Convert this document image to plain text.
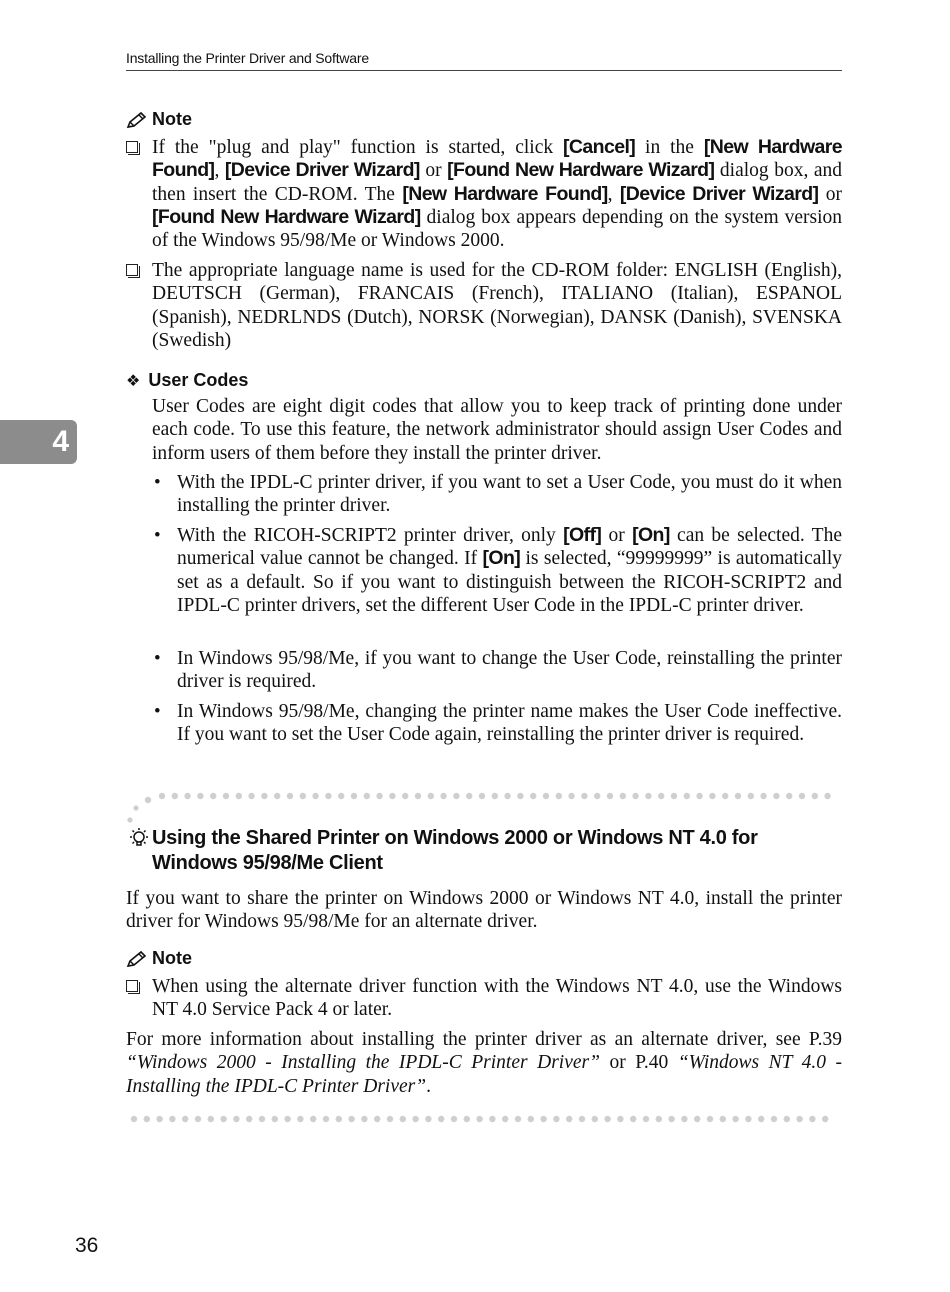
Installing the Printer Driver and Software
4
Note
If the "plug and play" function is started, click [Cancel] in the [New Hardware Found], [Device Driver Wizard] or [Found New Hardware Wizard] dialog box, and then insert the CD-ROM. The [New Hardware Found], [Device Driver Wizard] or [Found New Hardware Wizard] dialog box appears depending on the system version of the Windows 95/98/Me or Windows 2000.
The appropriate language name is used for the CD-ROM folder: ENGLISH (English), DEUTSCH (German), FRANCAIS (French), ITALIANO (Italian), ESPANOL (Spanish), NEDRLNDS (Dutch), NORSK (Norwegian), DANSK (Danish), SVENSKA (Swedish)
❖ User Codes
User Codes are eight digit codes that allow you to keep track of printing done under each code. To use this feature, the network administrator should assign User Codes and inform users of them before they install the printer driver.
• With the IPDL-C printer driver, if you want to set a User Code, you must do it when installing the printer driver.
• With the RICOH-SCRIPT2 printer driver, only [Off] or [On] can be selected. The numerical value cannot be changed. If [On] is selected, “99999999” is automatically set as a default. So if you want to distinguish between the RICOH-SCRIPT2 and IPDL-C printer drivers, set the different User Code in the IPDL-C printer driver.
• In Windows 95/98/Me, if you want to change the User Code, reinstalling the printer driver is required.
• In Windows 95/98/Me, changing the printer name makes the User Code ineffective. If you want to set the User Code again, reinstalling the printer driver is required.
Using the Shared Printer on Windows 2000 or Windows NT 4.0 for Windows 95/98/Me Client
If you want to share the printer on Windows 2000 or Windows NT 4.0, install the printer driver for Windows 95/98/Me for an alternate driver.
Note
When using the alternate driver function with the Windows NT 4.0, use the Windows NT 4.0 Service Pack 4 or later.
For more information about installing the printer driver as an alternate driver, see P.39 “Windows 2000 - Installing the IPDL-C Printer Driver” or P.40 “Windows NT 4.0 - Installing the IPDL-C Printer Driver”.
36
